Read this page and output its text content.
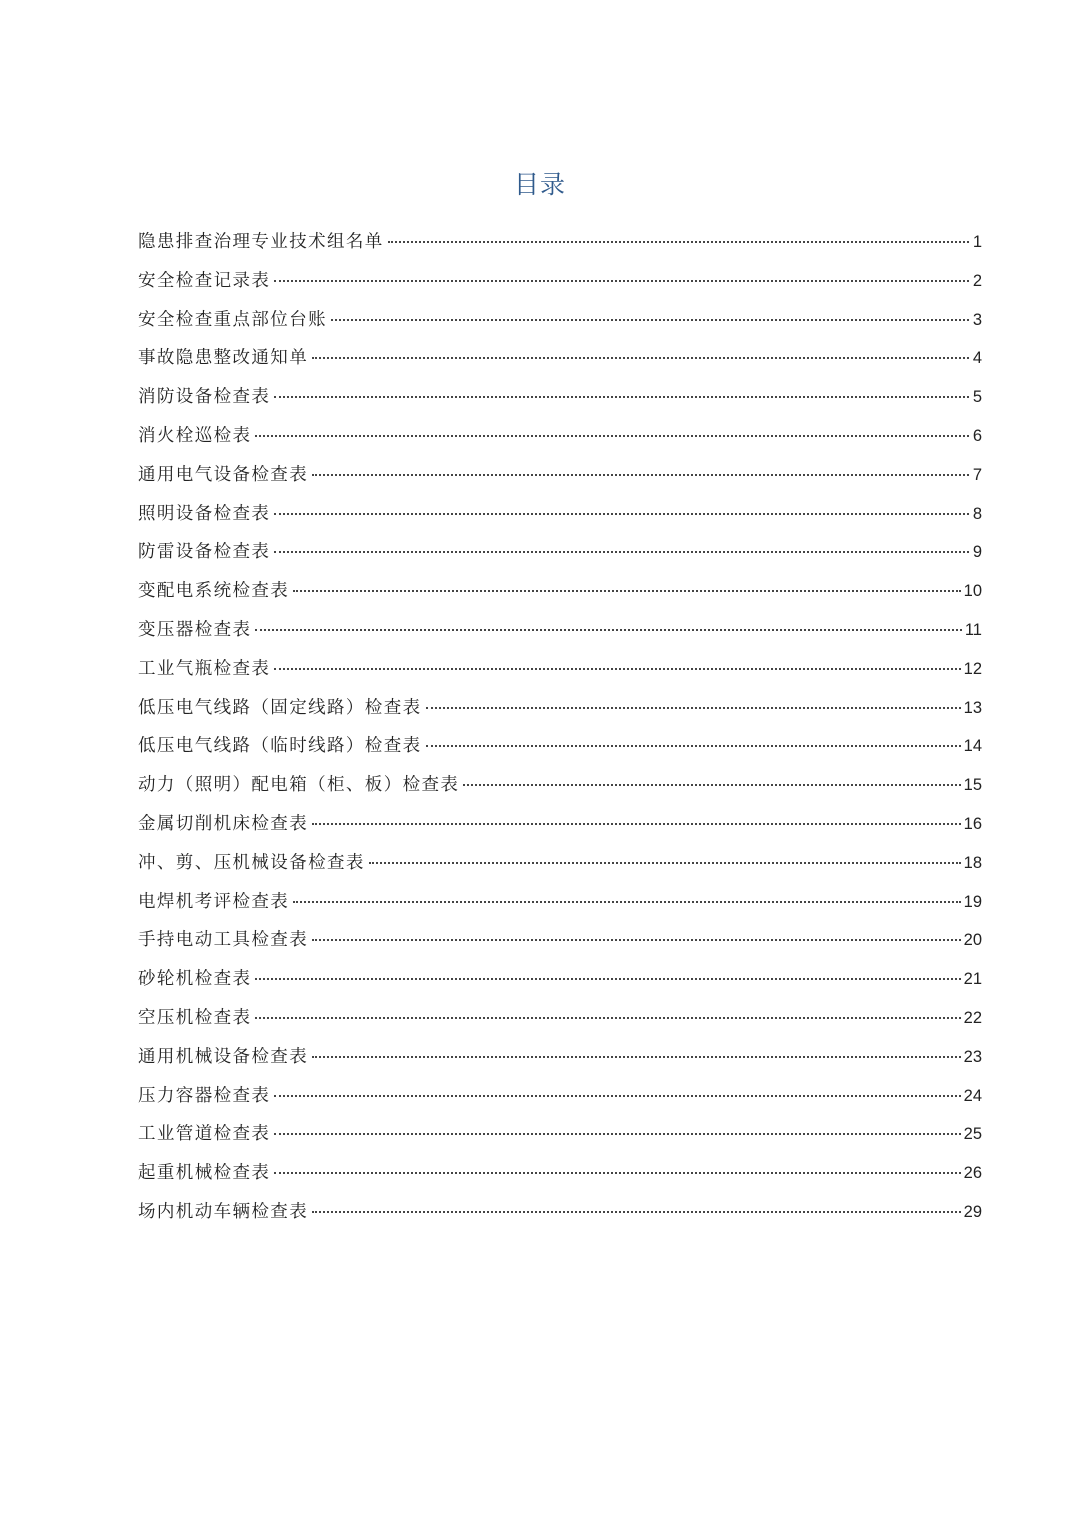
目录
隐患排查治理专业技术组名单	1
安全检查记录表	2
安全检查重点部位台账	3
事故隐患整改通知单	4
消防设备检查表	5
消火栓巡检表	6
通用电气设备检查表	7
照明设备检查表	8
防雷设备检查表	9
变配电系统检查表	10
变压器检查表	11
工业气瓶检查表	12
低压电气线路（固定线路）检查表	13
低压电气线路（临时线路）检查表	14
动力（照明）配电箱（柜、板）检查表	15
金属切削机床检查表	16
冲、剪、压机械设备检查表	18
电焊机考评检查表	19
手持电动工具检查表	20
砂轮机检查表	21
空压机检查表	22
通用机械设备检查表	23
压力容器检查表	24
工业管道检查表	25
起重机械检查表	26
场内机动车辆检查表	29
